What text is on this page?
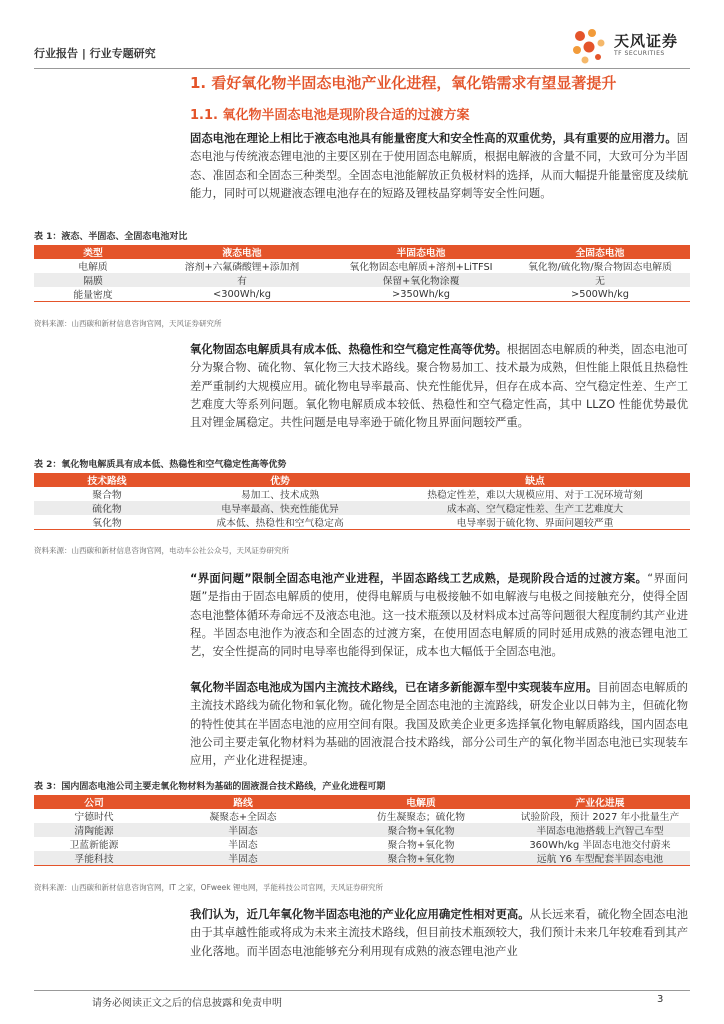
行业报告 | 行业专题研究
天风证券
TF SECURITIES
1. 看好氧化物半固态电池产业化进程，氧化锆需求有望显著提升
1.1. 氧化物半固态电池是现阶段合适的过渡方案
固态电池在理论上相比于液态电池具有能量密度大和安全性高的双重优势，具有重要的应用潜力。固态电池与传统液态锂电池的主要区别在于使用固态电解质，根据电解液的含量不同，大致可分为半固态、准固态和全固态三种类型。全固态电池能解放正负极材料的选择，从而大幅提升能量密度及续航能力，同时可以规避液态锂电池存在的短路及锂枝晶穿刺等安全性问题。
表 1：液态、半固态、全固态电池对比
类型	液态电池	半固态电池	全固态电池
电解质	溶剂+六氟磷酸锂+添加剂	氧化物固态电解质+溶剂+LiTFSI	氧化物/硫化物/聚合物固态电解质
隔膜	有	保留+氧化物涂覆	无
能量密度	<300Wh/kg	>350Wh/kg	>500Wh/kg
资料来源：山西碳和新材信息咨询官网，天风证券研究所
氧化物固态电解质具有成本低、热稳性和空气稳定性高等优势。根据固态电解质的种类，固态电池可分为聚合物、硫化物、氧化物三大技术路线。聚合物易加工、技术最为成熟，但性能上限低且热稳性差严重制约大规模应用。硫化物电导率最高、快充性能优异，但存在成本高、空气稳定性差、生产工艺难度大等系列问题。氧化物电解质成本较低、热稳性和空气稳定性高，其中 LLZO 性能优势最优且对锂金属稳定。共性问题是电导率逊于硫化物且界面问题较严重。
表 2：氧化物电解质具有成本低、热稳性和空气稳定性高等优势
技术路线	优势	缺点
聚合物	易加工、技术成熟	热稳定性差，难以大规模应用、对于工况环境苛刻
硫化物	电导率最高、快充性能优异	成本高、空气稳定性差、生产工艺难度大
氧化物	成本低、热稳性和空气稳定高	电导率弱于硫化物、界面问题较严重
资料来源：山西碳和新材信息咨询官网，电动车公社公众号，天风证券研究所
“界面问题”限制全固态电池产业进程，半固态路线工艺成熟，是现阶段合适的过渡方案。“界面问题”是指由于固态电解质的使用，使得电解质与电极接触不如电解液与电极之间接触充分，使得全固态电池整体循环寿命远不及液态电池。这一技术瓶颈以及材料成本过高等问题很大程度制约其产业进程。半固态电池作为液态和全固态的过渡方案，在使用固态电解质的同时延用成熟的液态锂电池工艺，安全性提高的同时电导率也能得到保证，成本也大幅低于全固态电池。
氧化物半固态电池成为国内主流技术路线，已在诸多新能源车型中实现装车应用。目前固态电解质的主流技术路线为硫化物和氧化物。硫化物是全固态电池的主流路线，研发企业以日韩为主，但硫化物的特性使其在半固态电池的应用空间有限。我国及欧美企业更多选择氧化物电解质路线，国内固态电池公司主要走氧化物材料为基础的固液混合技术路线，部分公司生产的氧化物半固态电池已实现装车应用，产业化进程提速。
表 3：国内固态电池公司主要走氧化物材料为基础的固液混合技术路线，产业化进程可期
公司	路线	电解质	产业化进展
宁德时代	凝聚态+全固态	仿生凝聚态；硫化物	试验阶段，预计 2027 年小批量生产
清陶能源	半固态	聚合物+氧化物	半固态电池搭载上汽智己车型
卫蓝新能源	半固态	聚合物+氧化物	360Wh/kg 半固态电池交付蔚来
孚能科技	半固态	聚合物+氧化物	远航 Y6 车型配套半固态电池
资料来源：山西碳和新材信息咨询官网，IT 之家，OFweek 锂电网，孚能科技公司官网，天风证券研究所
我们认为，近几年氧化物半固态电池的产业化应用确定性相对更高。从长远来看，硫化物全固态电池由于其卓越性能或将成为未来主流技术路线，但目前技术瓶颈较大，我们预计未来几年较难看到其产业化落地。而半固态电池能够充分利用现有成熟的液态锂电池产业
请务必阅读正文之后的信息披露和免责申明	3
